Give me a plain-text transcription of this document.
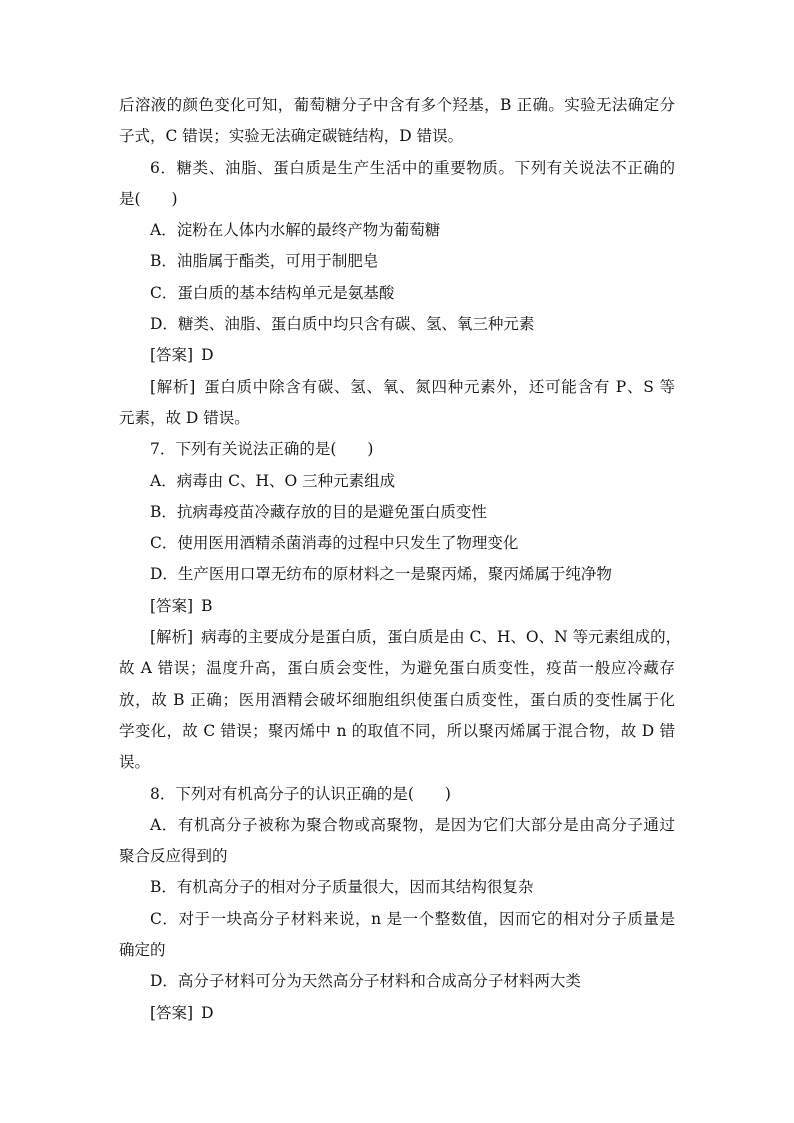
后溶液的颜色变化可知，葡萄糖分子中含有多个羟基，B 正确。实验无法确定分
子式，C 错误；实验无法确定碳链结构，D 错误。
6．糖类、油脂、蛋白质是生产生活中的重要物质。下列有关说法不正确的
是(　　)
A．淀粉在人体内水解的最终产物为葡萄糖
B．油脂属于酯类，可用于制肥皂
C．蛋白质的基本结构单元是氨基酸
D．糖类、油脂、蛋白质中均只含有碳、氢、氧三种元素
[答案] D
[解析] 蛋白质中除含有碳、氢、氧、氮四种元素外，还可能含有 P、S 等
元素，故 D 错误。
7．下列有关说法正确的是(　　)
A．病毒由 C、H、O 三种元素组成
B．抗病毒疫苗冷藏存放的目的是避免蛋白质变性
C．使用医用酒精杀菌消毒的过程中只发生了物理变化
D．生产医用口罩无纺布的原材料之一是聚丙烯，聚丙烯属于纯净物
[答案] B
[解析] 病毒的主要成分是蛋白质，蛋白质是由 C、H、O、N 等元素组成的，
故 A 错误；温度升高，蛋白质会变性，为避免蛋白质变性，疫苗一般应冷藏存
放，故 B 正确；医用酒精会破坏细胞组织使蛋白质变性，蛋白质的变性属于化
学变化，故 C 错误；聚丙烯中 n 的取值不同，所以聚丙烯属于混合物，故 D 错
误。
8．下列对有机高分子的认识正确的是(　　)
A．有机高分子被称为聚合物或高聚物，是因为它们大部分是由高分子通过
聚合反应得到的
B．有机高分子的相对分子质量很大，因而其结构很复杂
C．对于一块高分子材料来说，n 是一个整数值，因而它的相对分子质量是
确定的
D．高分子材料可分为天然高分子材料和合成高分子材料两大类
[答案] D
